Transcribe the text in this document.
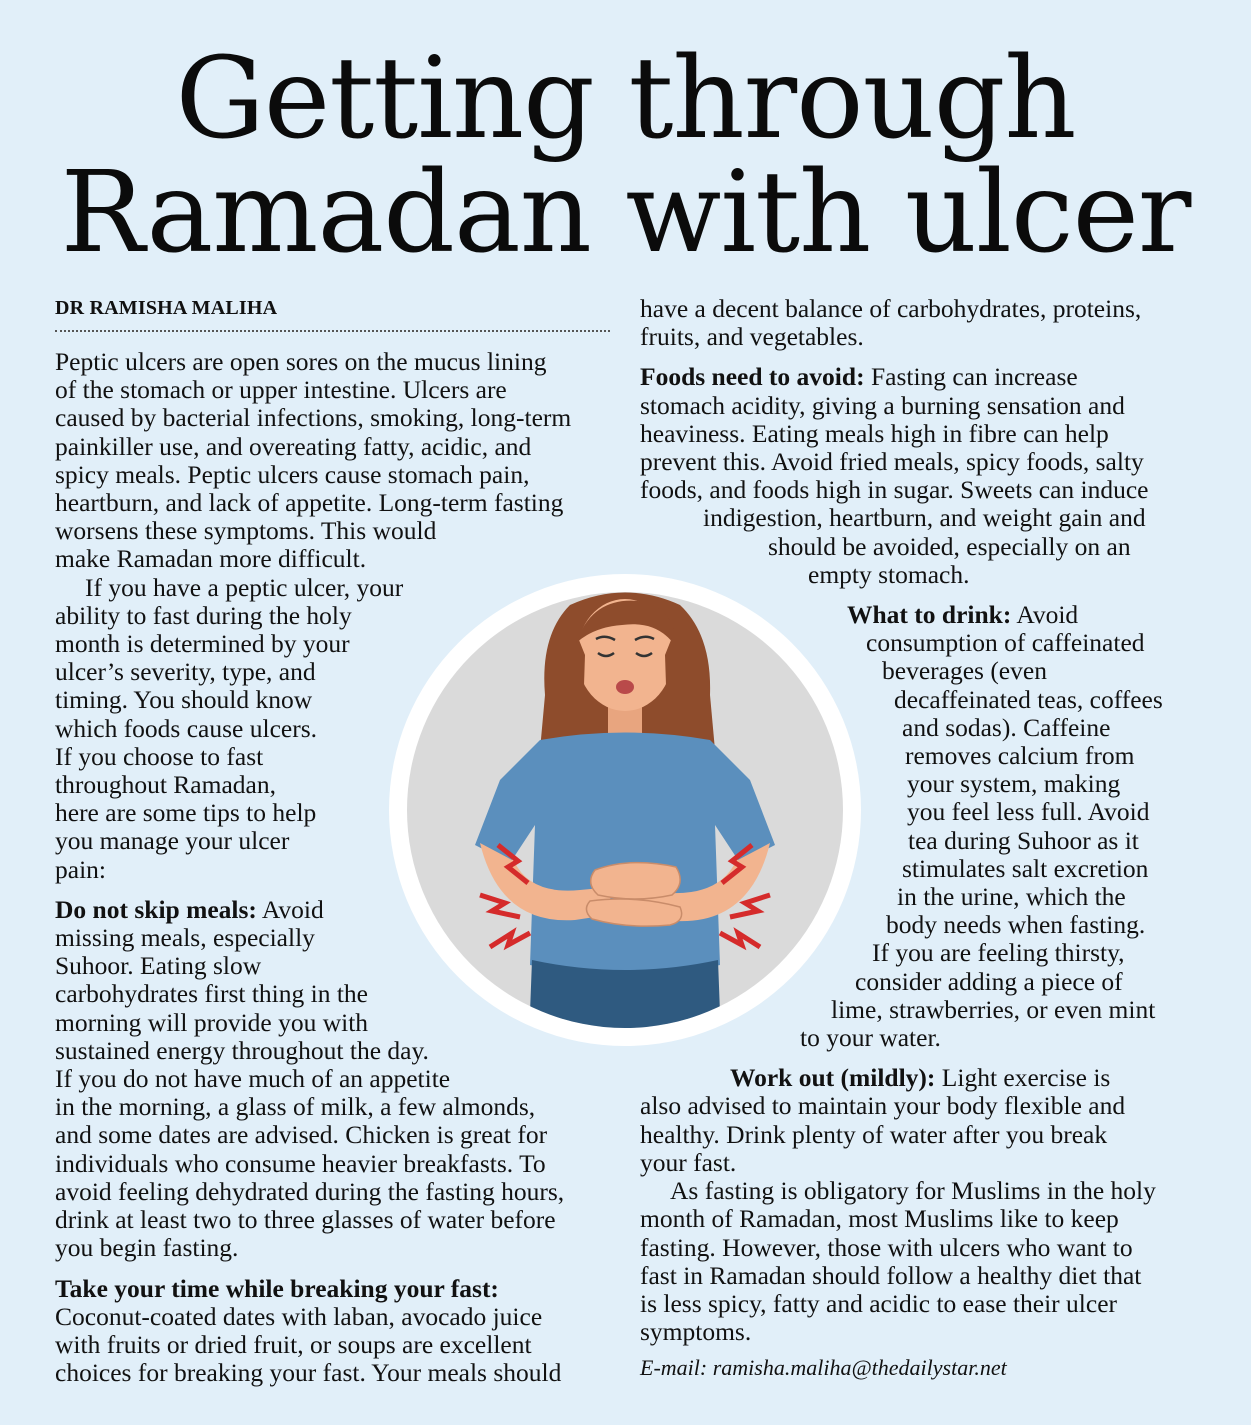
Getting through
Ramadan with ulcer
DR RAMISHA MALIHA

Peptic ulcers are open sores on the mucus lining

of the stomach or upper intestine. Ulcers are

caused by bacterial infections, smoking, long-term

painkiller use, and overeating fatty, acidic, and

spicy meals. Peptic ulcers cause stomach pain,

heartburn, and lack of appetite. Long-term fasting

worsens these symptoms. This would

make Ramadan more difficult.

If you have a peptic ulcer, your

ability to fast during the holy

month is determined by your

ulcer’s severity, type, and

timing. You should know

which foods cause ulcers.

If you choose to fast

throughout Ramadan,

here are some tips to help

you manage your ulcer

pain:

Do not skip meals: Avoid

missing meals, especially

Suhoor. Eating slow

carbohydrates first thing in the

morning will provide you with

sustained energy throughout the day.

If you do not have much of an appetite

in the morning, a glass of milk, a few almonds,

and some dates are advised. Chicken is great for

individuals who consume heavier breakfasts. To

avoid feeling dehydrated during the fasting hours,

drink at least two to three glasses of water before

you begin fasting.

Take your time while breaking your fast:

Coconut-coated dates with laban, avocado juice

with fruits or dried fruit, or soups are excellent

choices for breaking your fast. Your meals should

have a decent balance of carbohydrates, proteins,

fruits, and vegetables.

Foods need to avoid: Fasting can increase

stomach acidity, giving a burning sensation and

heaviness. Eating meals high in fibre can help

prevent this. Avoid fried meals, spicy foods, salty

foods, and foods high in sugar. Sweets can induce

indigestion, heartburn, and weight gain and

should be avoided, especially on an

empty stomach.

What to drink: Avoid

consumption of caffeinated

beverages (even

decaffeinated teas, coffees

and sodas). Caffeine

removes calcium from

your system, making

you feel less full. Avoid

tea during Suhoor as it

stimulates salt excretion

in the urine, which the

body needs when fasting.

If you are feeling thirsty,

consider adding a piece of

lime, strawberries, or even mint

to your water.

Work out (mildly): Light exercise is

also advised to maintain your body flexible and

healthy. Drink plenty of water after you break

your fast.

As fasting is obligatory for Muslims in the holy

month of Ramadan, most Muslims like to keep

fasting. However, those with ulcers who want to

fast in Ramadan should follow a healthy diet that

is less spicy, fatty and acidic to ease their ulcer

symptoms.

E-mail: ramisha.maliha@thedailystar.net
